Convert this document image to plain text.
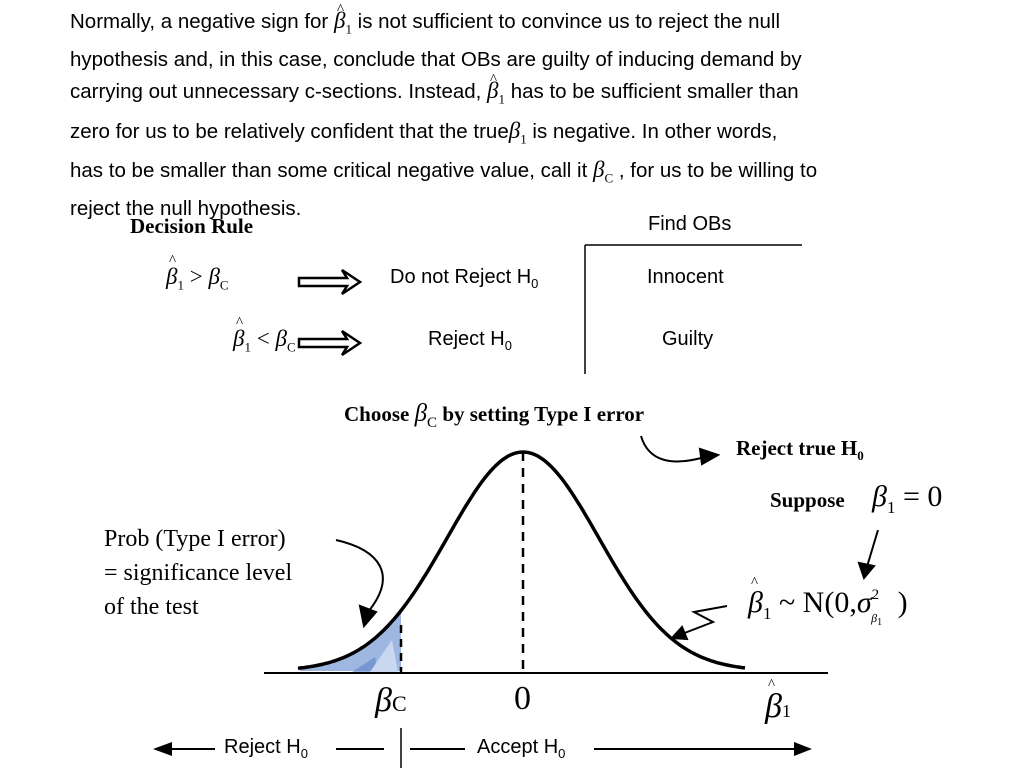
Normally, a negative sign for ^ $\beta_1$ is not sufficient to convince us to reject the null
hypothesis and, in this case, conclude that OBs are guilty of inducing demand by
carrying out unnecessary c-sections. Instead, ^ $\beta_1$ has to be sufficient smaller than
zero for us to be relatively confident that the trueβ$_1$ is negative. In other words,
has to be smaller than some critical negative value, call it $\beta_C$ , for us to be willing to
reject the null hypothesis.
Decision Rule	Find OBs
^ $\beta_1 > \beta_C$	Do not Reject $H_0$	Innocent
^ $\beta_1 < \beta_C$	Reject $H_0$	Guilty
Choose $\beta_C$ by setting Type I error
Reject true $H_0$
Suppose $\beta_1 = 0$
^ $\beta_1$ ~ $N(0,\sigma^2_{\beta 1}$ )
Prob (Type I error)
= significance level
of the test
βC	0	^ β1
Reject $H_0$	Accept $H_0$
